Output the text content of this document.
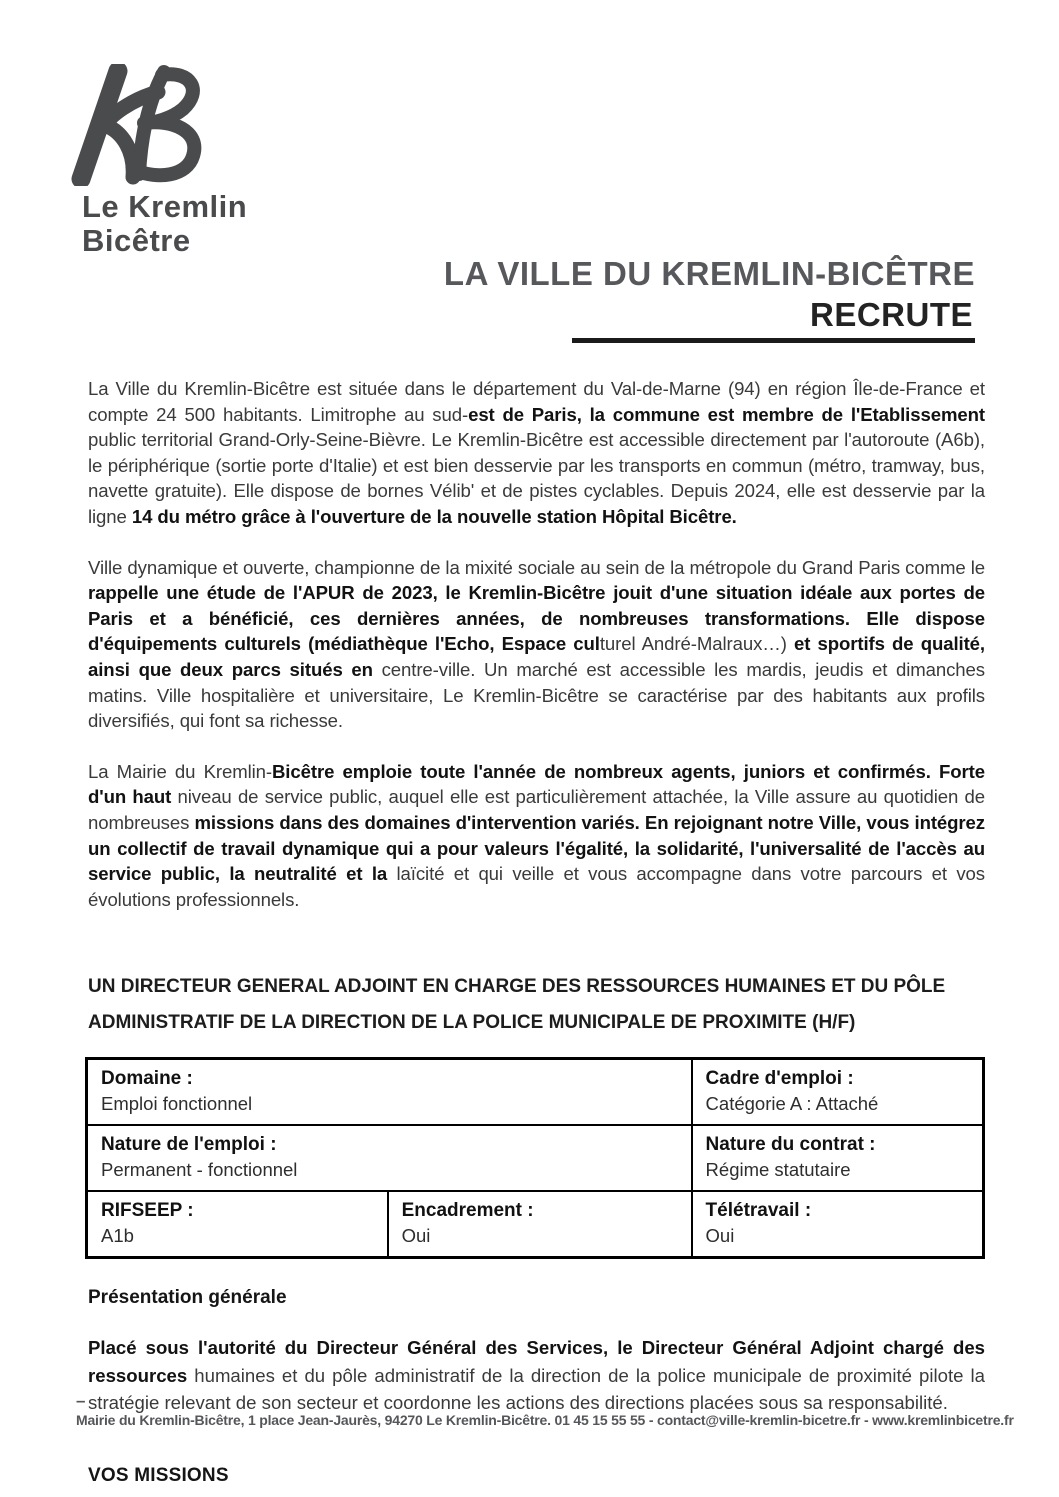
Le Kremlin
Bicêtre
LA VILLE DU KREMLIN-BICÊTRE
RECRUTE

La Ville du Kremlin-Bicêtre est située dans le département du Val-de-Marne (94) en région Île-de-France et compte 24 500 habitants. Limitrophe au sud-est de Paris, la commune est membre de l'Etablissement public territorial Grand-Orly-Seine-Bièvre. Le Kremlin-Bicêtre est accessible directement par l'autoroute (A6b), le périphérique (sortie porte d'Italie) et est bien desservie par les transports en commun (métro, tramway, bus, navette gratuite). Elle dispose de bornes Vélib' et de pistes cyclables. Depuis 2024, elle est desservie par la ligne 14 du métro grâce à l'ouverture de la nouvelle station Hôpital Bicêtre.

Ville dynamique et ouverte, championne de la mixité sociale au sein de la métropole du Grand Paris comme le rappelle une étude de l'APUR de 2023, le Kremlin-Bicêtre jouit d'une situation idéale aux portes de Paris et a bénéficié, ces dernières années, de nombreuses transformations. Elle dispose d'équipements culturels (médiathèque l'Echo, Espace culturel André-Malraux…) et sportifs de qualité, ainsi que deux parcs situés en centre-ville. Un marché est accessible les mardis, jeudis et dimanches matins. Ville hospitalière et universitaire, Le Kremlin-Bicêtre se caractérise par des habitants aux profils diversifiés, qui font sa richesse.

La Mairie du Kremlin-Bicêtre emploie toute l'année de nombreux agents, juniors et confirmés. Forte d'un haut niveau de service public, auquel elle est particulièrement attachée, la Ville assure au quotidien de nombreuses missions dans des domaines d'intervention variés. En rejoignant notre Ville, vous intégrez un collectif de travail dynamique qui a pour valeurs l'égalité, la solidarité, l'universalité de l'accès au service public, la neutralité et la laïcité et qui veille et vous accompagne dans votre parcours et vos évolutions professionnels.

UN DIRECTEUR GENERAL ADJOINT EN CHARGE DES RESSOURCES HUMAINES ET DU PÔLE
ADMINISTRATIF DE LA DIRECTION DE LA POLICE MUNICIPALE DE PROXIMITE (H/F)
Domaine :
Emploi fonctionnel
Cadre d'emploi :
Catégorie A : Attaché
Nature de l'emploi :
Permanent - fonctionnel
Nature du contrat :
Régime statutaire
RIFSEEP :
A1b
Encadrement :
Oui
Télétravail :
Oui
Présentation générale

Placé sous l'autorité du Directeur Général des Services, le Directeur Général Adjoint chargé des ressources humaines et du pôle administratif de la direction de la police municipale de proximité pilote la stratégie relevant de son secteur et coordonne les actions des directions placées sous sa responsabilité.

VOS MISSIONS
–
Mairie du Kremlin-Bicêtre, 1 place Jean-Jaurès, 94270 Le Kremlin-Bicêtre. 01 45 15 55 55 - contact@ville-kremlin-bicetre.fr - www.kremlinbicetre.fr
